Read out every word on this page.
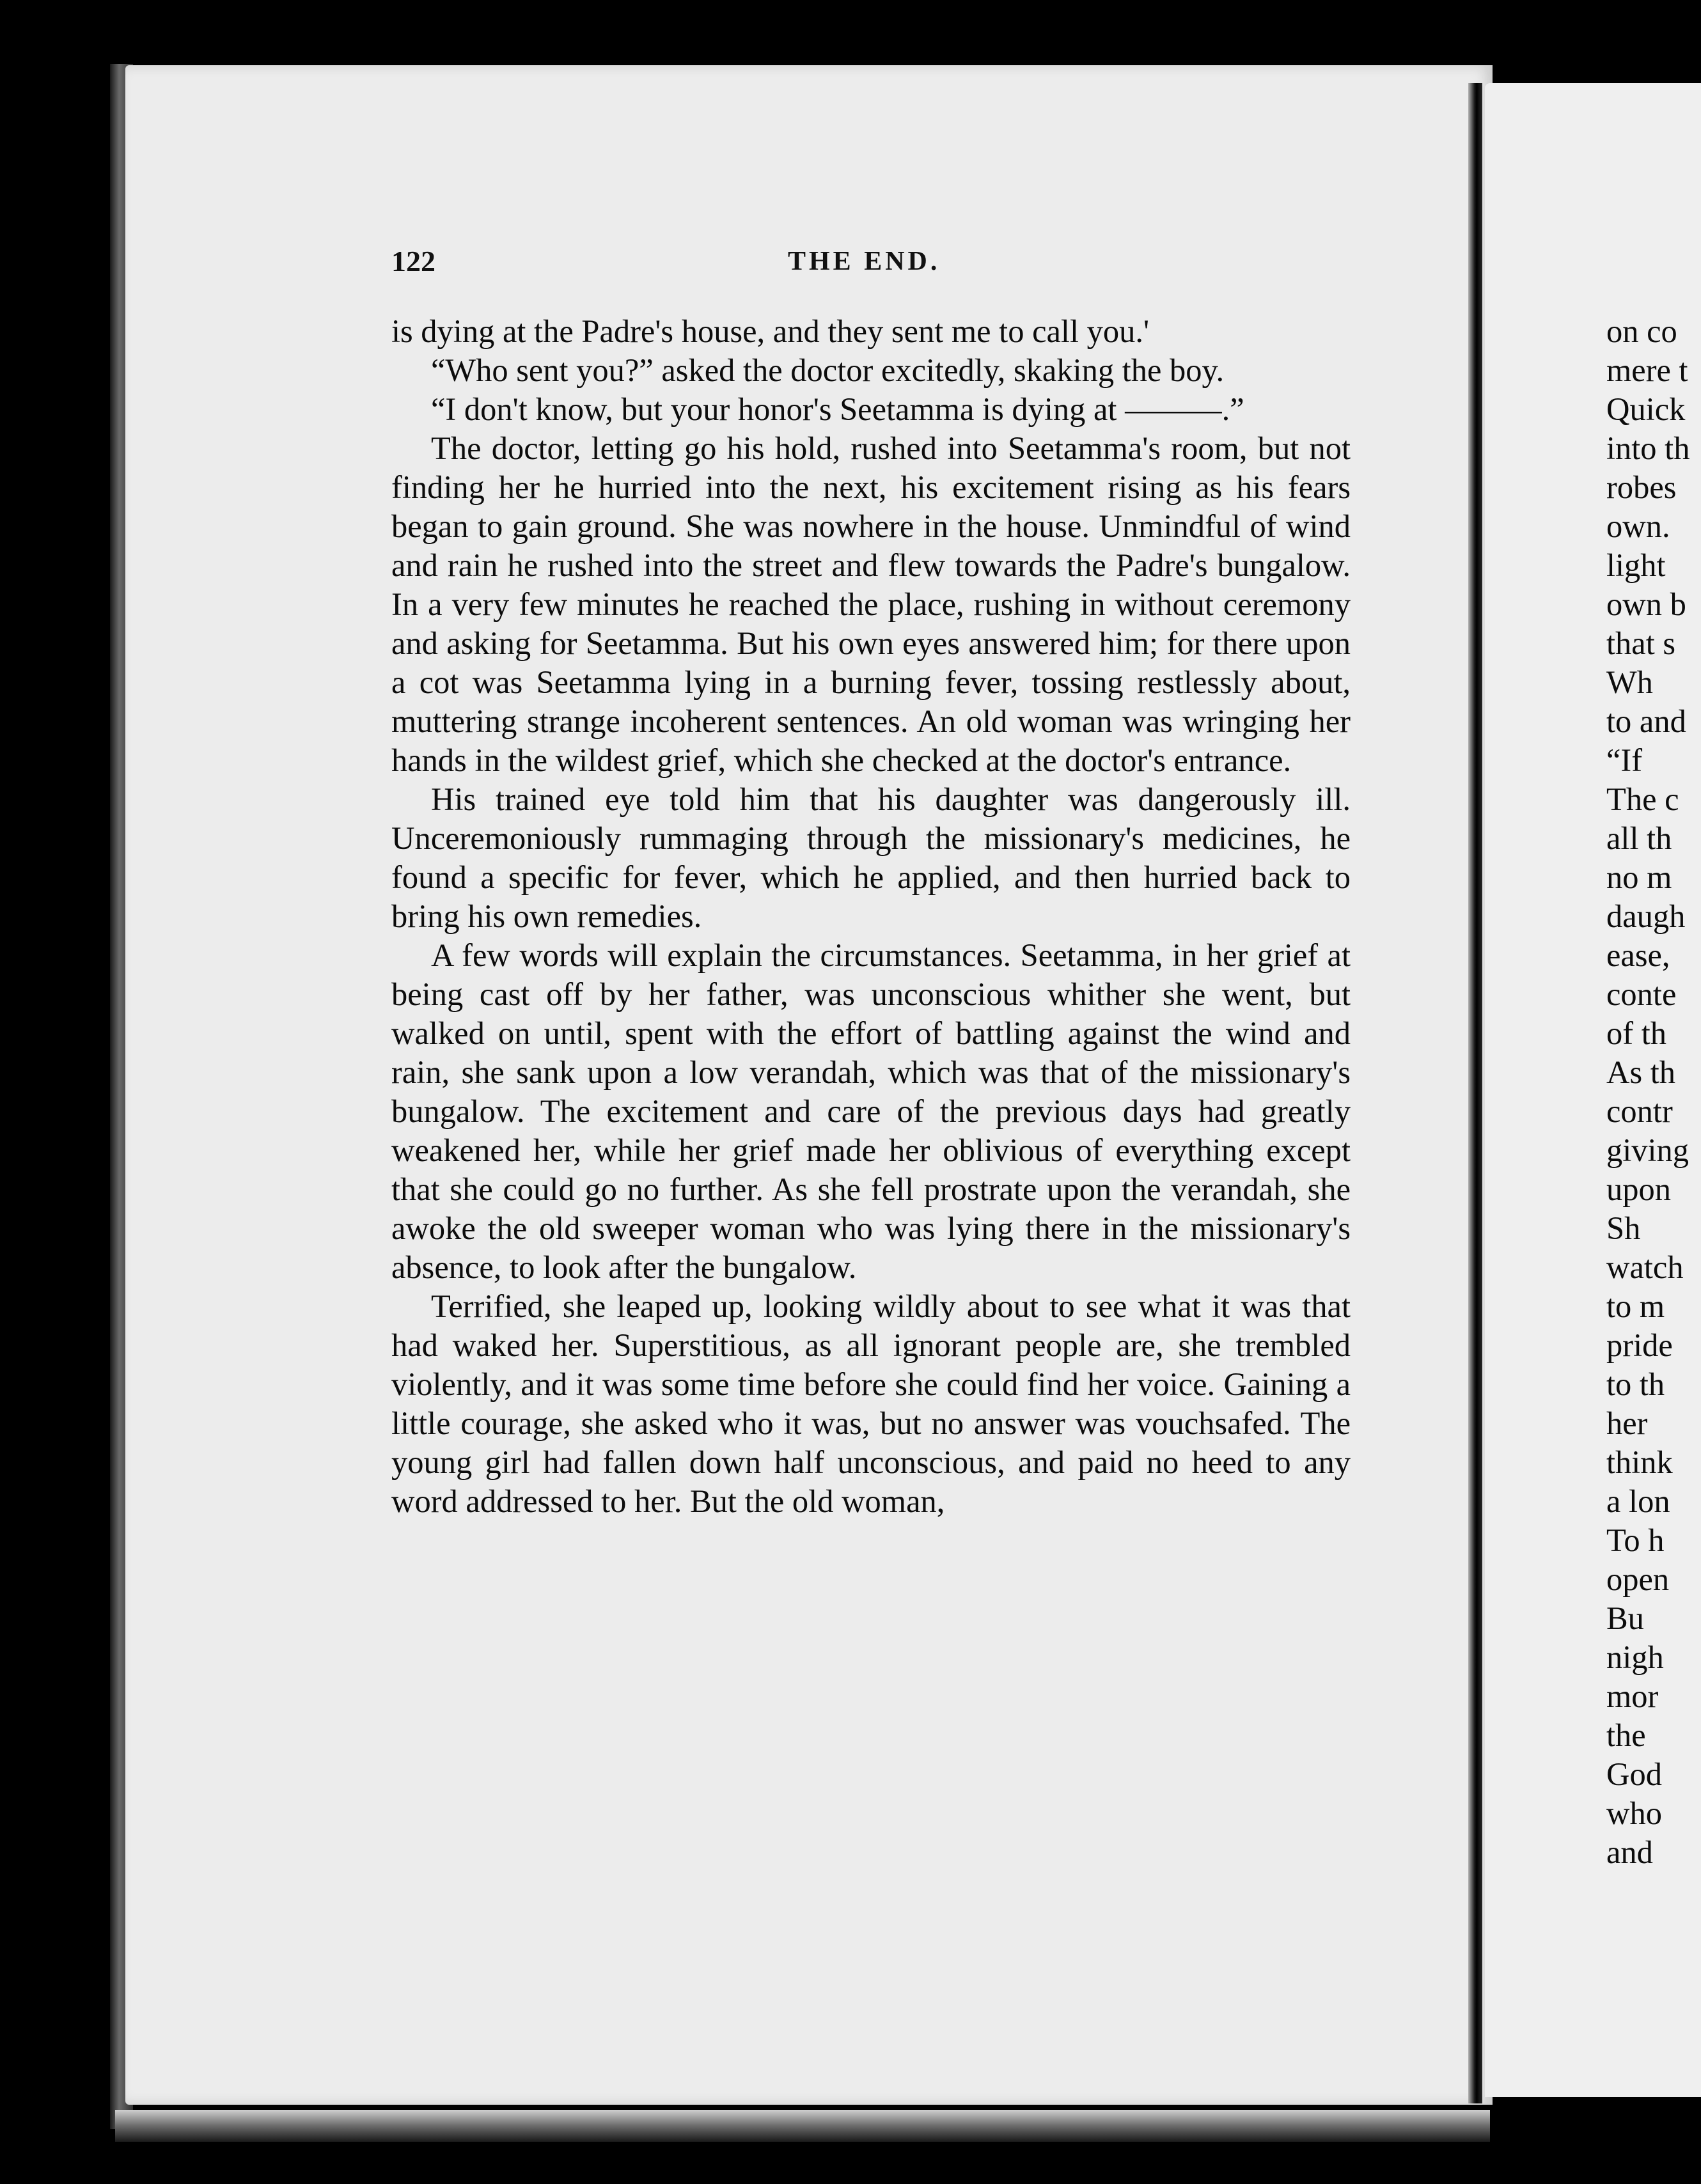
122	THE END.

is dying at the Padre's house, and they sent me to call you.'

“Who sent you?” asked the doctor excitedly, skaking the boy.

“I don't know, but your honor's Seetamma is dying at ———.”

The doctor, letting go his hold, rushed into Seetamma's room, but not finding her he hurried into the next, his excitement rising as his fears began to gain ground. She was nowhere in the house. Unmindful of wind and rain he rushed into the street and flew towards the Padre's bungalow. In a very few minutes he reached the place, rushing in without ceremony and asking for Seetamma. But his own eyes answered him; for there upon a cot was Seetamma lying in a burning fever, tossing restlessly about, muttering strange incoherent sentences. An old woman was wringing her hands in the wildest grief, which she checked at the doctor's entrance.

His trained eye told him that his daughter was dangerously ill. Unceremoniously rummaging through the missionary's medicines, he found a specific for fever, which he applied, and then hurried back to bring his own remedies.

A few words will explain the circumstances. Seetamma, in her grief at being cast off by her father, was unconscious whither she went, but walked on until, spent with the effort of battling against the wind and rain, she sank upon a low verandah, which was that of the missionary's bungalow. The excitement and care of the previous days had greatly weakened her, while her grief made her oblivious of everything except that she could go no further. As she fell prostrate upon the verandah, she awoke the old sweeper woman who was lying there in the missionary's absence, to look after the bungalow.

Terrified, she leaped up, looking wildly about to see what it was that had waked her. Superstitious, as all ignorant people are, she trembled violently, and it was some time before she could find her voice. Gaining a little courage, she asked who it was, but no answer was vouchsafed. The young girl had fallen down half unconscious, and paid no heed to any word addressed to her. But the old woman,

on co
mere t
Quick
into th
robes
own.
light
own b
that s
Wh
to and
“If
The c
all th
no m
daugh
ease,
conte
of th
As th
contr
giving
upon
Sh
watch
to m
pride
to th
her
think
a lon
To h
open
Bu
nigh
mor
the
God
who
and
